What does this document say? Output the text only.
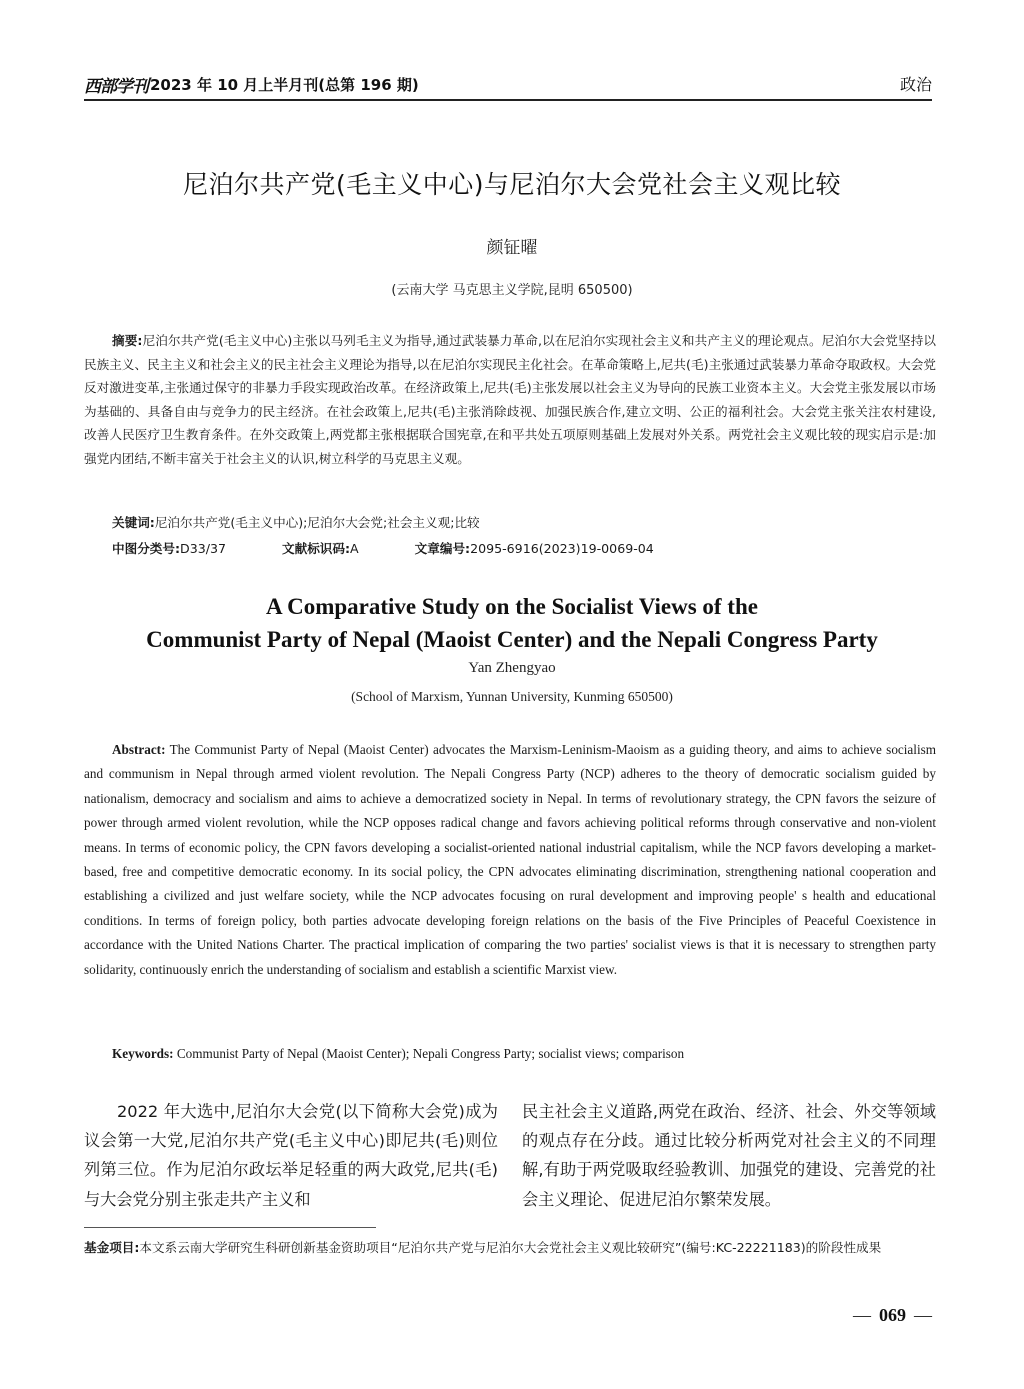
西部学刊 2023 年 10 月上半月刊(总第 196 期)	政治
尼泊尔共产党(毛主义中心)与尼泊尔大会党社会主义观比较
颜钲曜
(云南大学 马克思主义学院,昆明 650500)

摘要:尼泊尔共产党(毛主义中心)主张以马列毛主义为指导,通过武装暴力革命,以在尼泊尔实现社会主义和共产主义的理论观点。尼泊尔大会党坚持以民族主义、民主主义和社会主义的民主社会主义理论为指导,以在尼泊尔实现民主化社会。在革命策略上,尼共(毛)主张通过武装暴力革命夺取政权。大会党反对激进变革,主张通过保守的非暴力手段实现政治改革。在经济政策上,尼共(毛)主张发展以社会主义为导向的民族工业资本主义。大会党主张发展以市场为基础的、具备自由与竞争力的民主经济。在社会政策上,尼共(毛)主张消除歧视、加强民族合作,建立文明、公正的福利社会。大会党主张关注农村建设,改善人民医疗卫生教育条件。在外交政策上,两党都主张根据联合国宪章,在和平共处五项原则基础上发展对外关系。两党社会主义观比较的现实启示是:加强党内团结,不断丰富关于社会主义的认识,树立科学的马克思主义观。

关键词:尼泊尔共产党(毛主义中心);尼泊尔大会党;社会主义观;比较
中图分类号:D33/37	文献标识码:A	文章编号:2095-6916(2023)19-0069-04
A Comparative Study on the Socialist Views of the
Communist Party of Nepal (Maoist Center) and the Nepali Congress Party
Yan Zhengyao
(School of Marxism, Yunnan University, Kunming 650500)

Abstract: The Communist Party of Nepal (Maoist Center) advocates the Marxism-Leninism-Maoism as a guiding theory, and aims to achieve socialism and communism in Nepal through armed violent revolution. The Nepali Congress Party (NCP) adheres to the theory of democratic socialism guided by nationalism, democracy and socialism and aims to achieve a democratized society in Nepal. In terms of revolutionary strategy, the CPN favors the seizure of power through armed violent revolution, while the NCP opposes radical change and favors achieving political reforms through conservative and non-violent means. In terms of economic policy, the CPN favors developing a socialist-oriented national industrial capitalism, while the NCP favors developing a market-based, free and competitive democratic economy. In its social policy, the CPN advocates eliminating discrimination, strengthening national cooperation and establishing a civilized and just welfare society, while the NCP advocates focusing on rural development and improving people' s health and educational conditions. In terms of foreign policy, both parties advocate developing foreign relations on the basis of the Five Principles of Peaceful Coexistence in accordance with the United Nations Charter. The practical implication of comparing the two parties' socialist views is that it is necessary to strengthen party solidarity, continuously enrich the understanding of socialism and establish a scientific Marxist view.

Keywords: Communist Party of Nepal (Maoist Center); Nepali Congress Party; socialist views; comparison

2022 年大选中,尼泊尔大会党(以下简称大会党)成为议会第一大党,尼泊尔共产党(毛主义中心)即尼共(毛)则位列第三位。作为尼泊尔政坛举足轻重的两大政党,尼共(毛)与大会党分别主张走共产主义和

民主社会主义道路,两党在政治、经济、社会、外交等领域的观点存在分歧。通过比较分析两党对社会主义的不同理解,有助于两党吸取经验教训、加强党的建设、完善党的社会主义理论、促进尼泊尔繁荣发展。

基金项目:本文系云南大学研究生科研创新基金资助项目“尼泊尔共产党与尼泊尔大会党社会主义观比较研究”(编号:KC-22221183)的阶段性成果

— 069 —
